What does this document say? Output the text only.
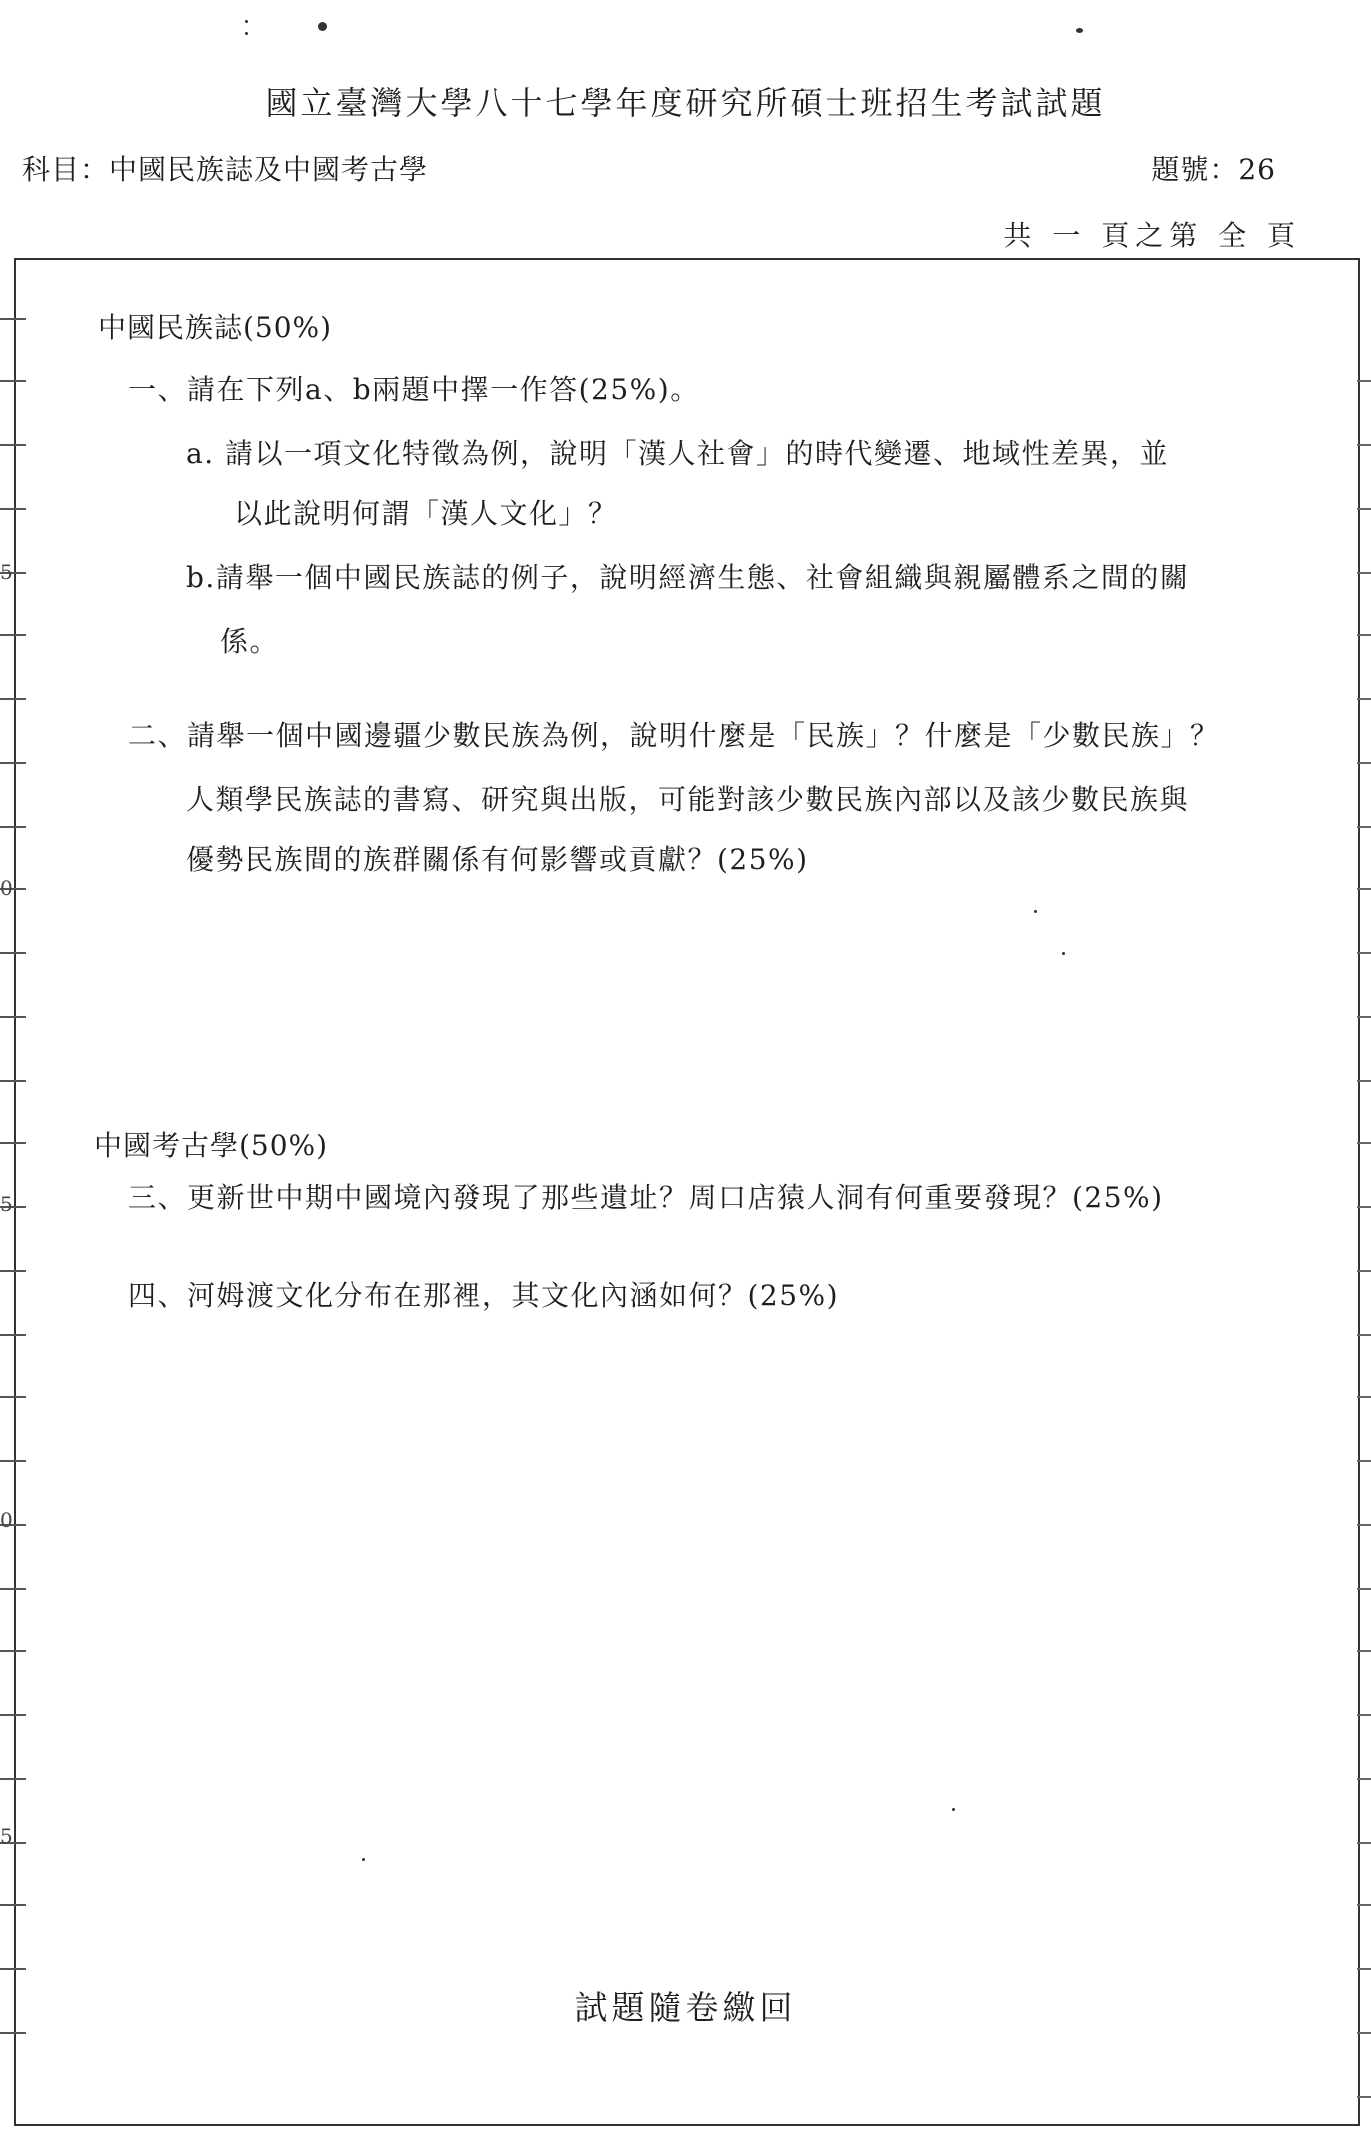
國立臺灣大學八十七學年度研究所碩士班招生考試試題
科目：中國民族誌及中國考古學	題號：26
共 一 頁之第 全 頁
5
0
5
0
5
中國民族誌(50%)
一、請在下列a、b兩題中擇一作答(25%)。
a. 請以一項文化特徵為例，說明「漢人社會」的時代變遷、地域性差異，並
以此說明何謂「漢人文化」？
b.請舉一個中國民族誌的例子，說明經濟生態、社會組織與親屬體系之間的關
係。
二、請舉一個中國邊疆少數民族為例，說明什麼是「民族」？什麼是「少數民族」？
人類學民族誌的書寫、研究與出版，可能對該少數民族內部以及該少數民族與
優勢民族間的族群關係有何影響或貢獻？(25%)
中國考古學(50%)
三、更新世中期中國境內發現了那些遺址？周口店猿人洞有何重要發現？(25%)
四、河姆渡文化分布在那裡，其文化內涵如何？(25%)
試題隨卷繳回
